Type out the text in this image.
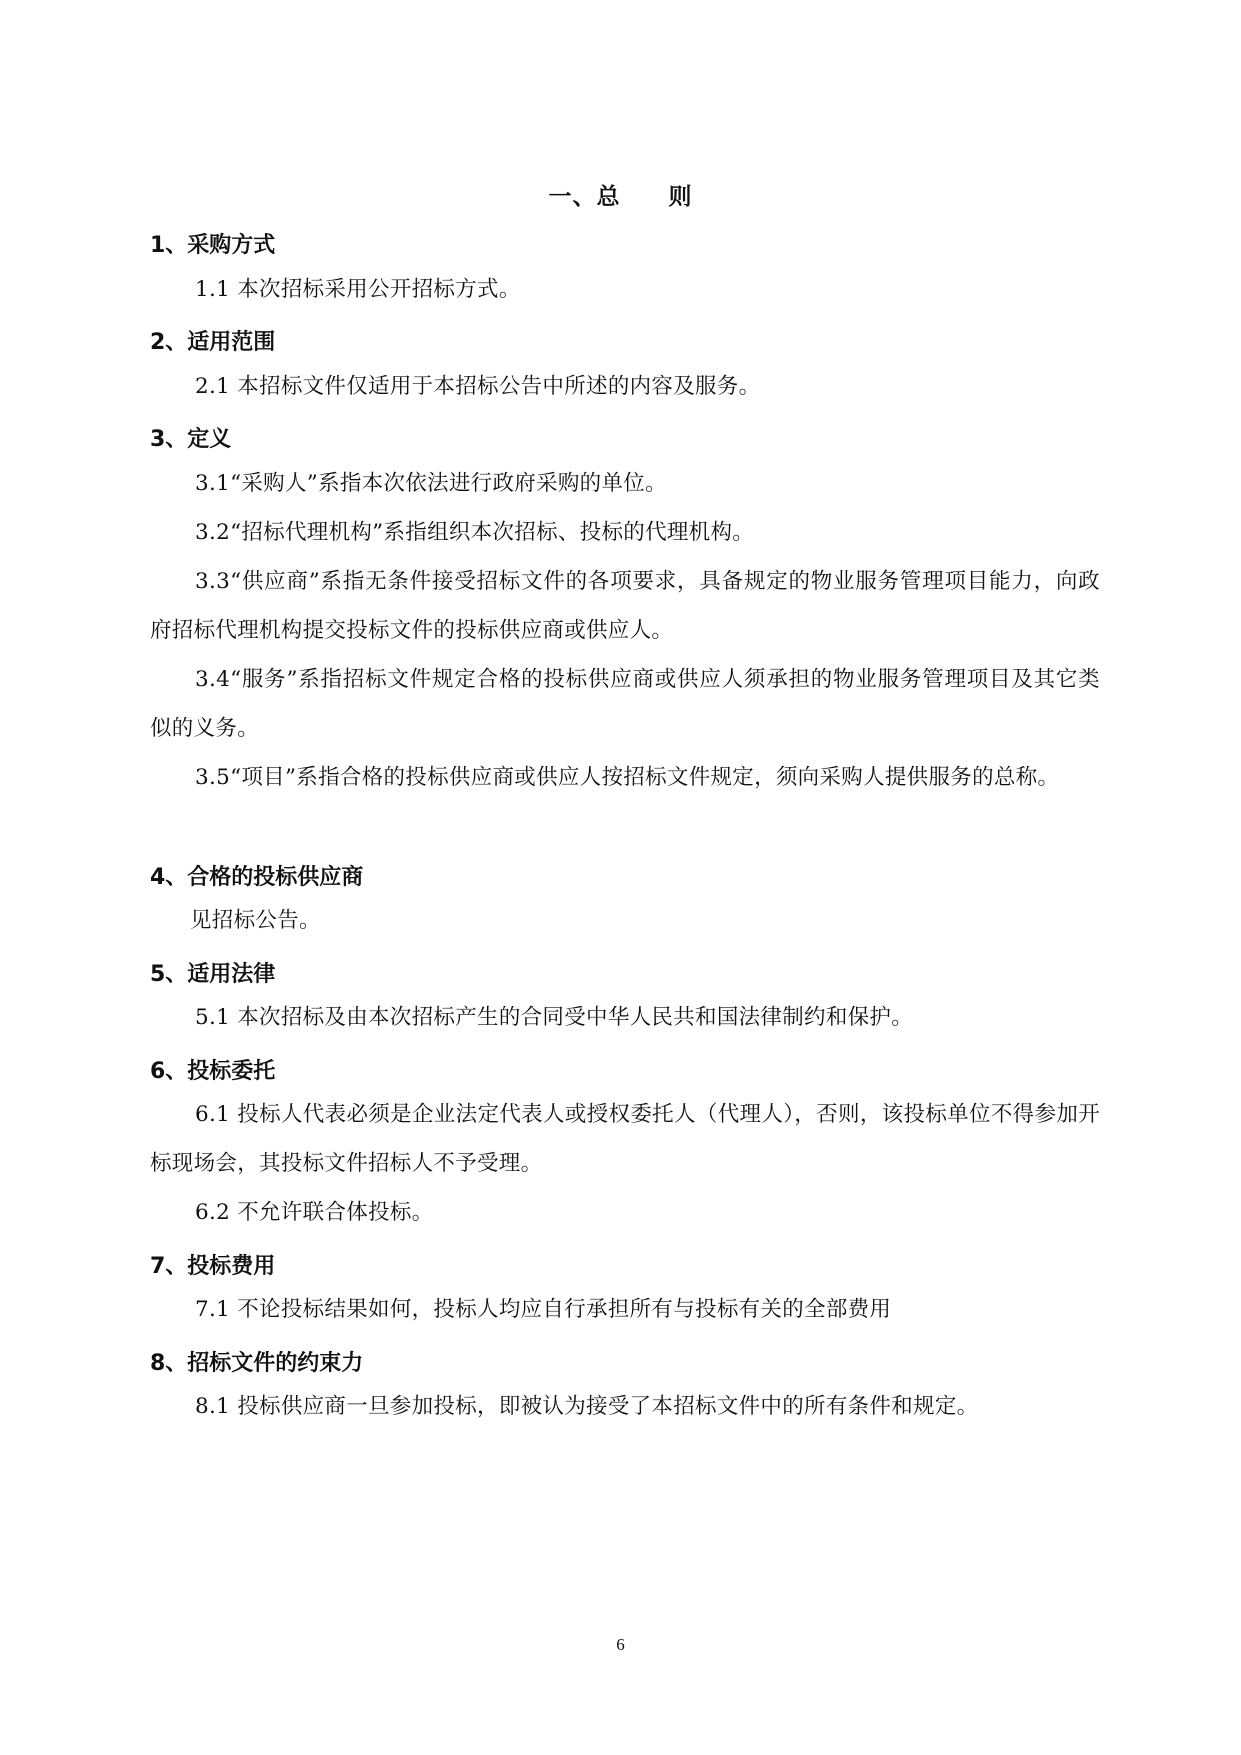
一、总 则
1、采购方式
1.1 本次招标采用公开招标方式。
2、适用范围
2.1 本招标文件仅适用于本招标公告中所述的内容及服务。
3、定义
3.1“采购人”系指本次依法进行政府采购的单位。
3.2“招标代理机构”系指组织本次招标、投标的代理机构。
3.3“供应商”系指无条件接受招标文件的各项要求，具备规定的物业服务管理项目能力，向政府招标代理机构提交投标文件的投标供应商或供应人。
3.4“服务”系指招标文件规定合格的投标供应商或供应人须承担的物业服务管理项目及其它类似的义务。
3.5“项目”系指合格的投标供应商或供应人按招标文件规定，须向采购人提供服务的总称。
4、合格的投标供应商
见招标公告。
5、适用法律
5.1 本次招标及由本次招标产生的合同受中华人民共和国法律制约和保护。
6、投标委托
6.1 投标人代表必须是企业法定代表人或授权委托人（代理人），否则，该投标单位不得参加开标现场会，其投标文件招标人不予受理。
6.2 不允许联合体投标。
7、投标费用
7.1 不论投标结果如何，投标人均应自行承担所有与投标有关的全部费用
8、招标文件的约束力
8.1 投标供应商一旦参加投标，即被认为接受了本招标文件中的所有条件和规定。
6
